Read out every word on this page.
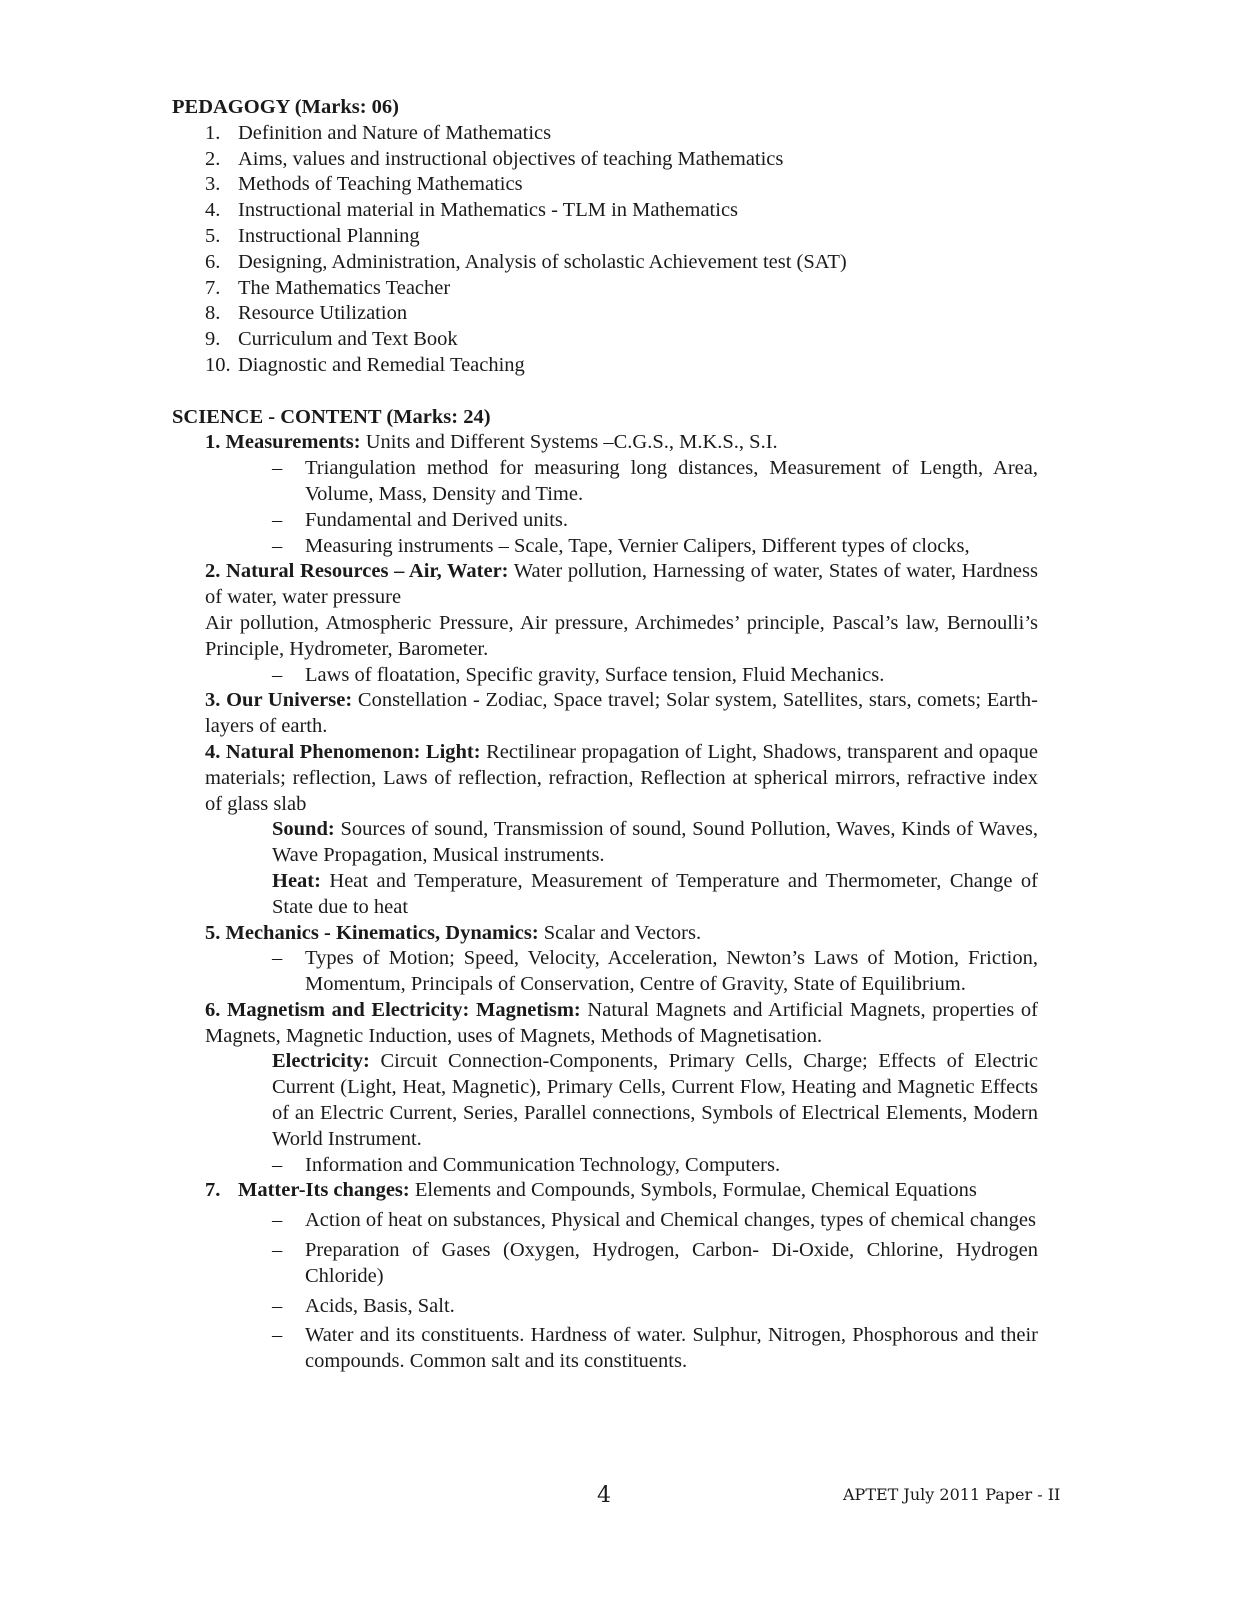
PEDAGOGY (Marks: 06)

1. Definition and Nature of Mathematics
2. Aims, values and instructional objectives of teaching Mathematics
3. Methods of Teaching Mathematics
4. Instructional material in Mathematics - TLM in Mathematics
5. Instructional Planning
6. Designing, Administration, Analysis of scholastic Achievement test (SAT)
7. The Mathematics Teacher
8. Resource Utilization
9. Curriculum and Text Book
10. Diagnostic and Remedial Teaching

SCIENCE - CONTENT (Marks: 24)

1. Measurements: Units and Different Systems –C.G.S., M.K.S., S.I.
–	Triangulation method for measuring long distances, Measurement of Length, Area, Volume, Mass, Density and Time.
–	Fundamental and Derived units.
–	Measuring instruments – Scale, Tape, Vernier Calipers, Different types of clocks,
2. Natural Resources – Air, Water: Water pollution, Harnessing of water, States of water, Hardness of water, water pressure
Air pollution, Atmospheric Pressure, Air pressure, Archimedes’ principle, Pascal’s law, Bernoulli’s Principle, Hydrometer, Barometer.
–	Laws of floatation, Specific gravity, Surface tension, Fluid Mechanics.
3. Our Universe: Constellation - Zodiac, Space travel; Solar system, Satellites, stars, comets; Earth- layers of earth.
4. Natural Phenomenon: Light: Rectilinear propagation of Light, Shadows, transparent and opaque materials; reflection, Laws of reflection, refraction, Reflection at spherical mirrors, refractive index of glass slab
Sound: Sources of sound, Transmission of sound, Sound Pollution, Waves, Kinds of Waves, Wave Propagation, Musical instruments.
Heat: Heat and Temperature, Measurement of Temperature and Thermometer, Change of State due to heat
5. Mechanics - Kinematics, Dynamics: Scalar and Vectors.
–	Types of Motion; Speed, Velocity, Acceleration, Newton’s Laws of Motion, Friction, Momentum, Principals of Conservation, Centre of Gravity, State of Equilibrium.
6. Magnetism and Electricity: Magnetism: Natural Magnets and Artificial Magnets, properties of Magnets, Magnetic Induction, uses of Magnets, Methods of Magnetisation.
Electricity: Circuit Connection-Components, Primary Cells, Charge; Effects of Electric Current (Light, Heat, Magnetic), Primary Cells, Current Flow, Heating and Magnetic Effects of an Electric Current, Series, Parallel connections, Symbols of Electrical Elements, Modern World Instrument.
–	Information and Communication Technology, Computers.
7. Matter-Its changes: Elements and Compounds, Symbols, Formulae, Chemical Equations
–	Action of heat on substances, Physical and Chemical changes, types of chemical changes
–	Preparation of Gases (Oxygen, Hydrogen, Carbon- Di-Oxide, Chlorine, Hydrogen Chloride)
–	Acids, Basis, Salt.
–	Water and its constituents. Hardness of water. Sulphur, Nitrogen, Phosphorous and their compounds. Common salt and its constituents.
4	APTET July 2011 Paper - II
